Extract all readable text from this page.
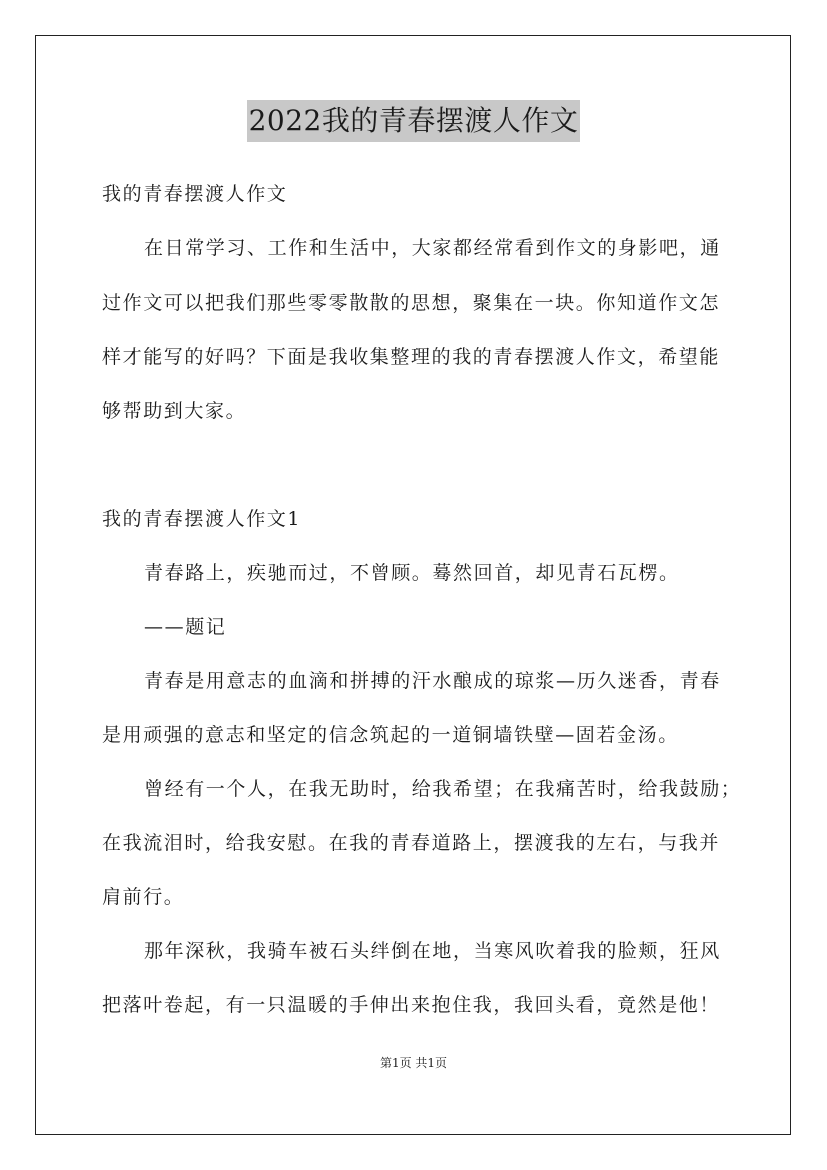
2022我的青春摆渡人作文
我的青春摆渡人作文
在日常学习、工作和生活中，大家都经常看到作文的身影吧，通
过作文可以把我们那些零零散散的思想，聚集在一块。你知道作文怎
样才能写的好吗？下面是我收集整理的我的青春摆渡人作文，希望能
够帮助到大家。
我的青春摆渡人作文1
青春路上，疾驰而过，不曾顾。蓦然回首，却见青石瓦楞。
——题记
青春是用意志的血滴和拼搏的汗水酿成的琼浆—历久迷香，青春
是用顽强的意志和坚定的信念筑起的一道铜墙铁壁—固若金汤。
曾经有一个人，在我无助时，给我希望；在我痛苦时，给我鼓励；
在我流泪时，给我安慰。在我的青春道路上，摆渡我的左右，与我并
肩前行。
那年深秋，我骑车被石头绊倒在地，当寒风吹着我的脸颊，狂风
把落叶卷起，有一只温暖的手伸出来抱住我，我回头看，竟然是他！
第1页 共1页
